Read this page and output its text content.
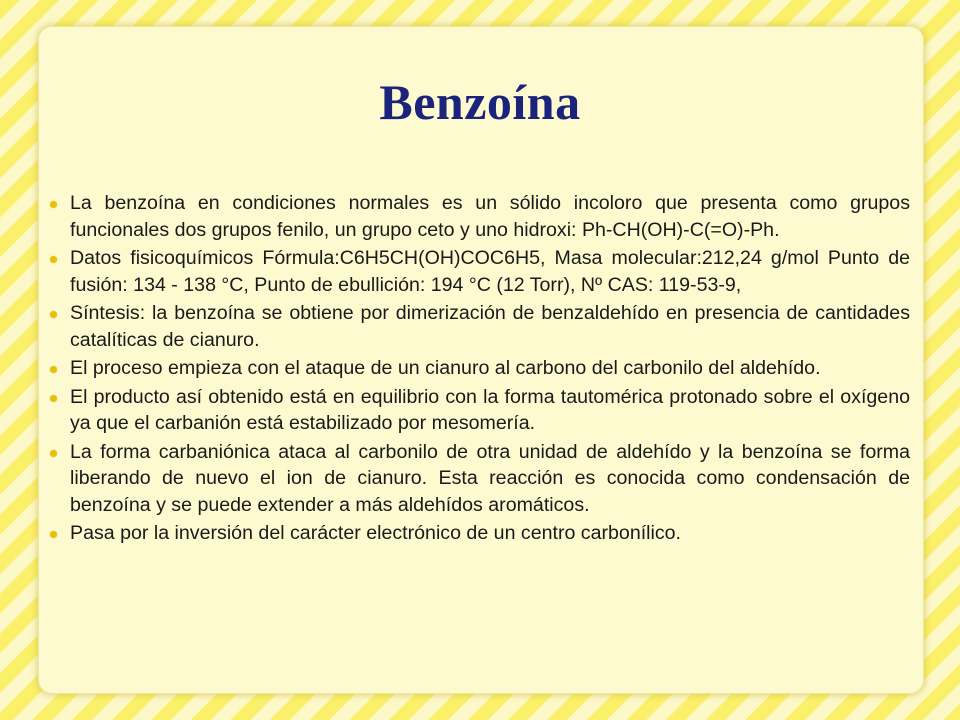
Benzoína
La benzoína en condiciones normales es un sólido incoloro que presenta como grupos funcionales dos grupos fenilo, un grupo ceto y uno hidroxi: Ph-CH(OH)-C(=O)-Ph.
Datos fisicoquímicos Fórmula:C6H5CH(OH)COC6H5, Masa molecular:212,24 g/mol Punto de fusión: 134 - 138 °C, Punto de ebullición: 194 °C (12 Torr), Nº CAS: 119-53-9,
Síntesis: la benzoína se obtiene por dimerización de benzaldehído en presencia de cantidades catalíticas de cianuro.
El proceso empieza con el ataque de un cianuro al carbono del carbonilo del aldehído.
El producto así obtenido está en equilibrio con la forma tautomérica protonado sobre el oxígeno ya que el carbanión está estabilizado por mesomería.
La forma carbaniónica ataca al carbonilo de otra unidad de aldehído y la benzoína se forma liberando de nuevo el ion de cianuro. Esta reacción es conocida como condensación de benzoína y se puede extender a más aldehídos aromáticos.
Pasa por la inversión del carácter electrónico de un centro carbonílico.
